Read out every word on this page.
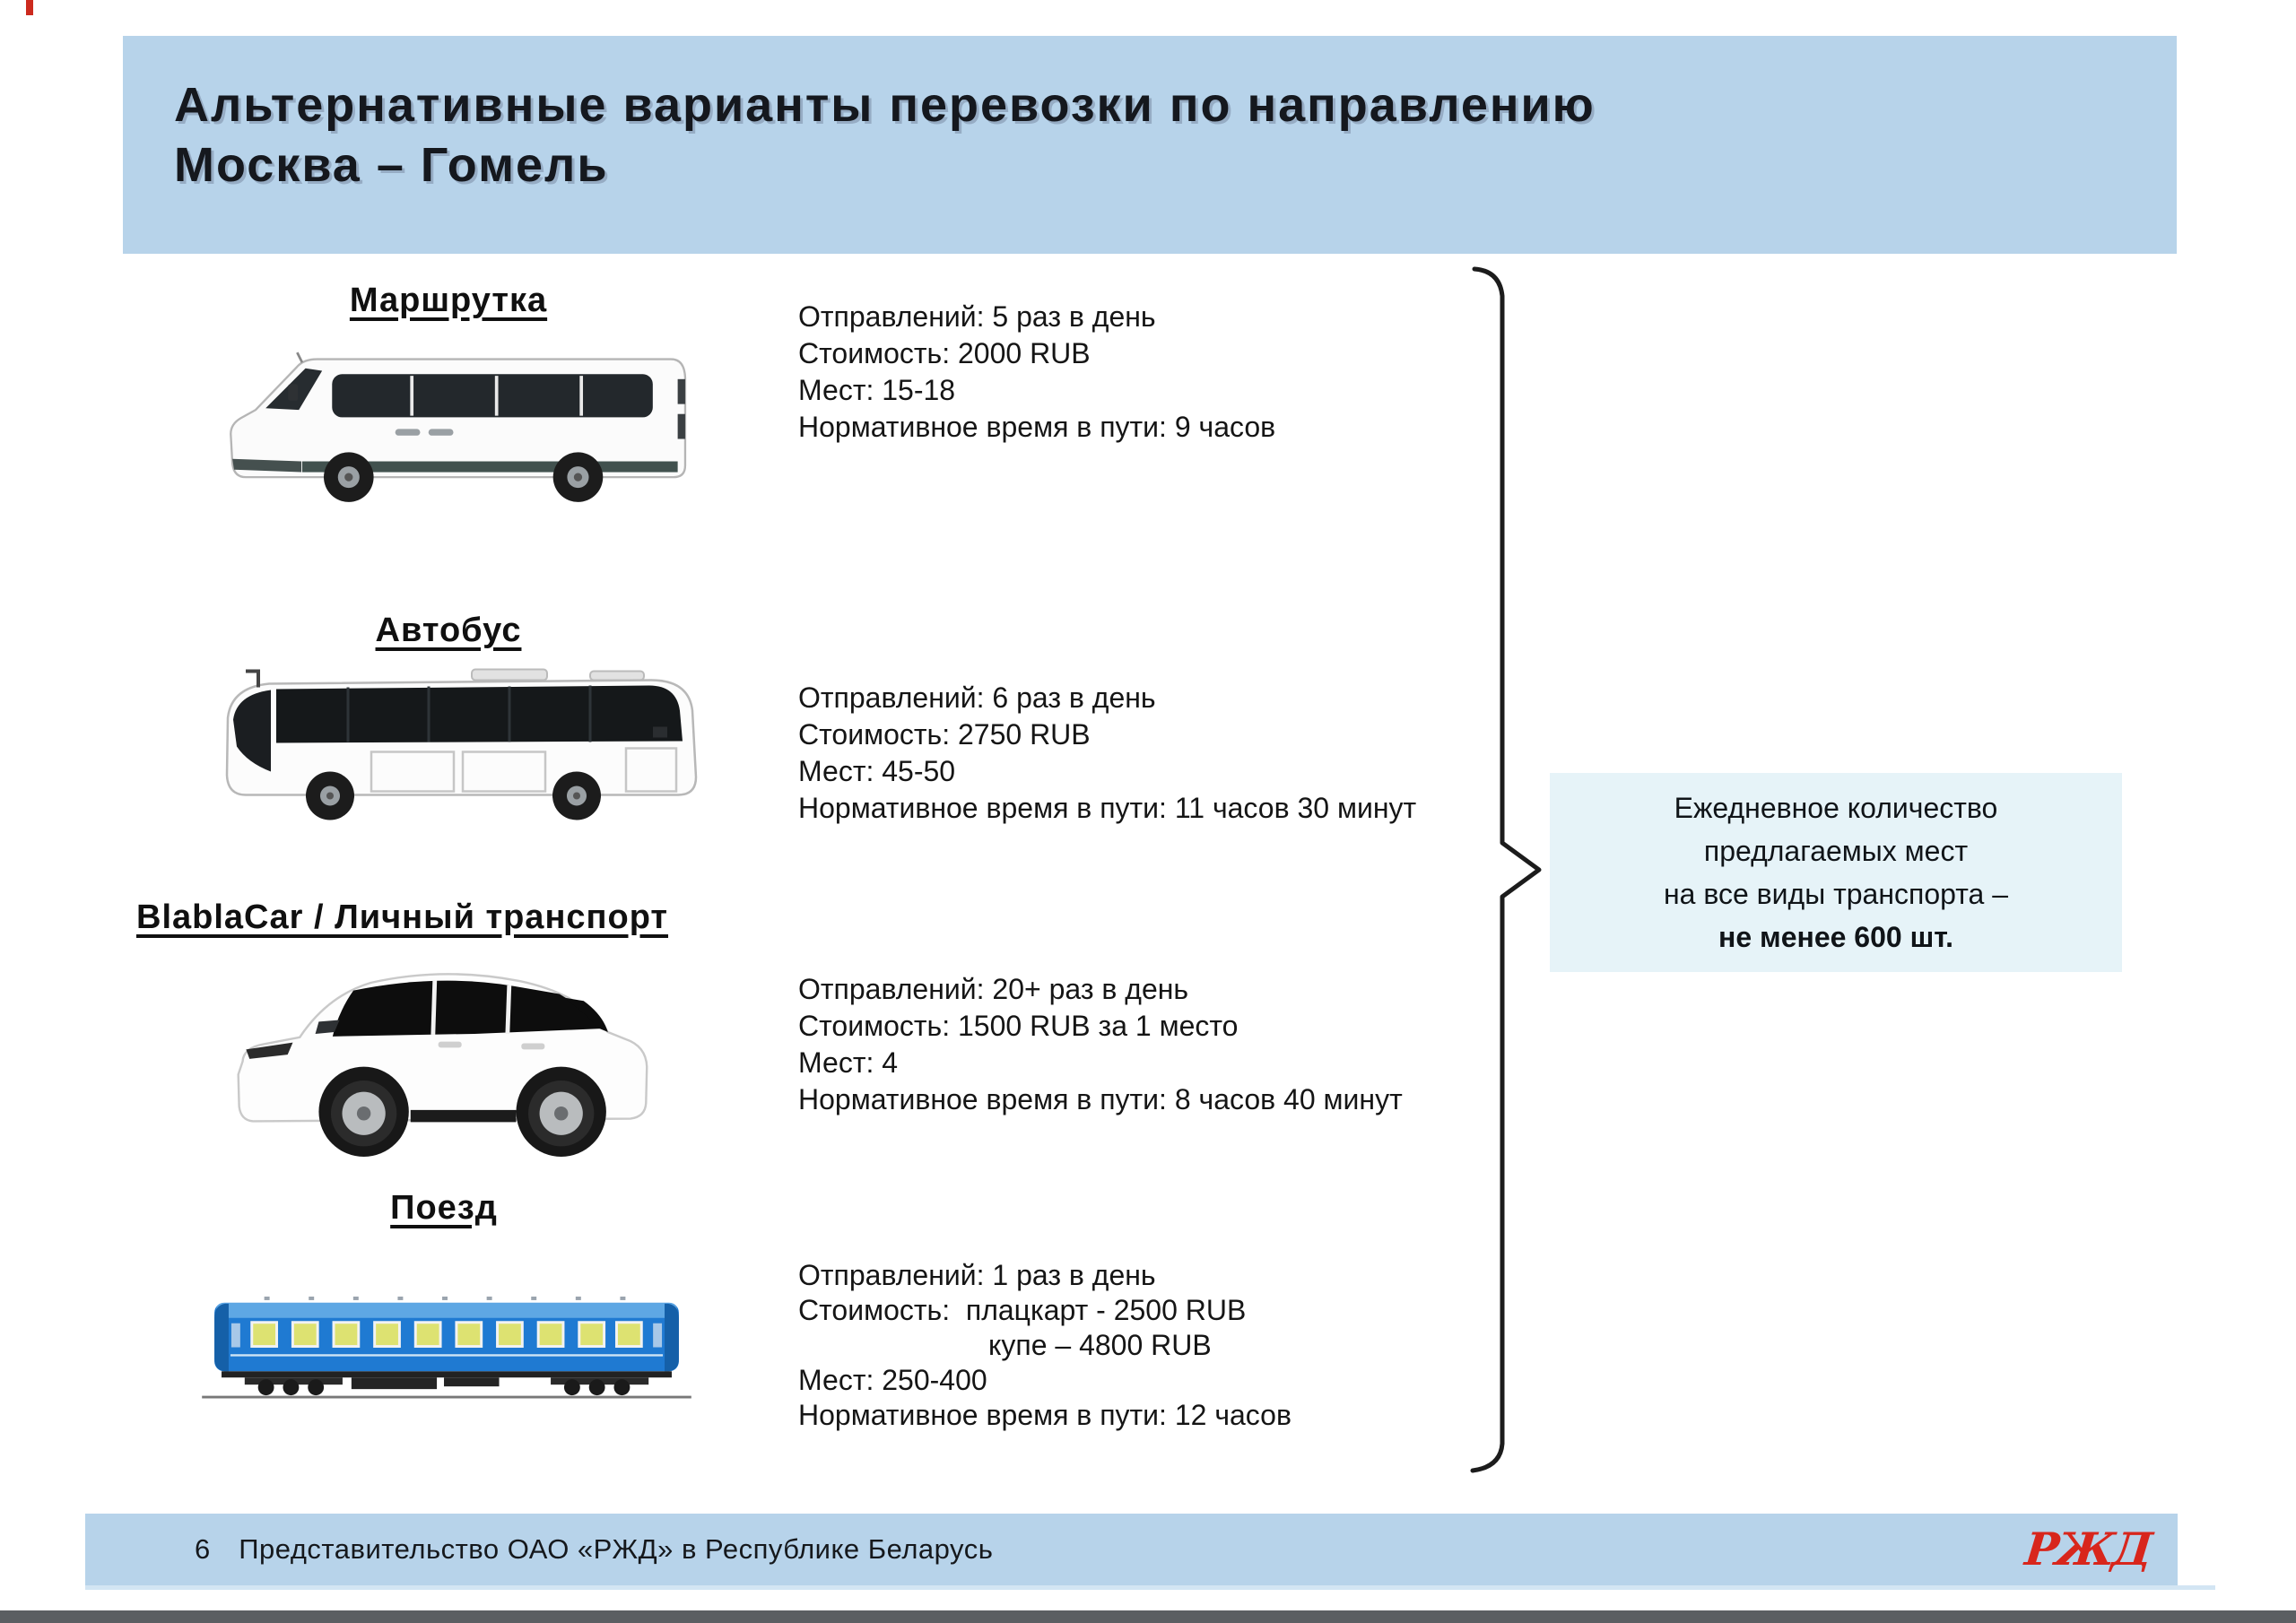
Альтернативные варианты перевозки по направлению
Москва – Гомель
Маршрутка	Отправлений: 5 раз в день
Стоимость: 2000 RUB
Мест: 15-18
Нормативное время в пути: 9 часов
Автобус
Отправлений: 6 раз в день
Стоимость: 2750 RUB
Мест: 45-50
Нормативное время в пути: 11 часов 30 минут
BlablaCar / Личный транспорт
Отправлений: 20+ раз в день
Стоимость: 1500 RUB за 1 место
Мест: 4
Нормативное время в пути: 8 часов 40 минут
Поезд
Отправлений: 1 раз в день
Стоимость:  плацкарт - 2500 RUB
купе – 4800 RUB
Мест: 250-400
Нормативное время в пути: 12 часов
Ежедневное количество
предлагаемых мест
на все виды транспорта –
не менее 600 шт.
6 Представительство ОАО «РЖД» в Республике Беларусь	РЖД
